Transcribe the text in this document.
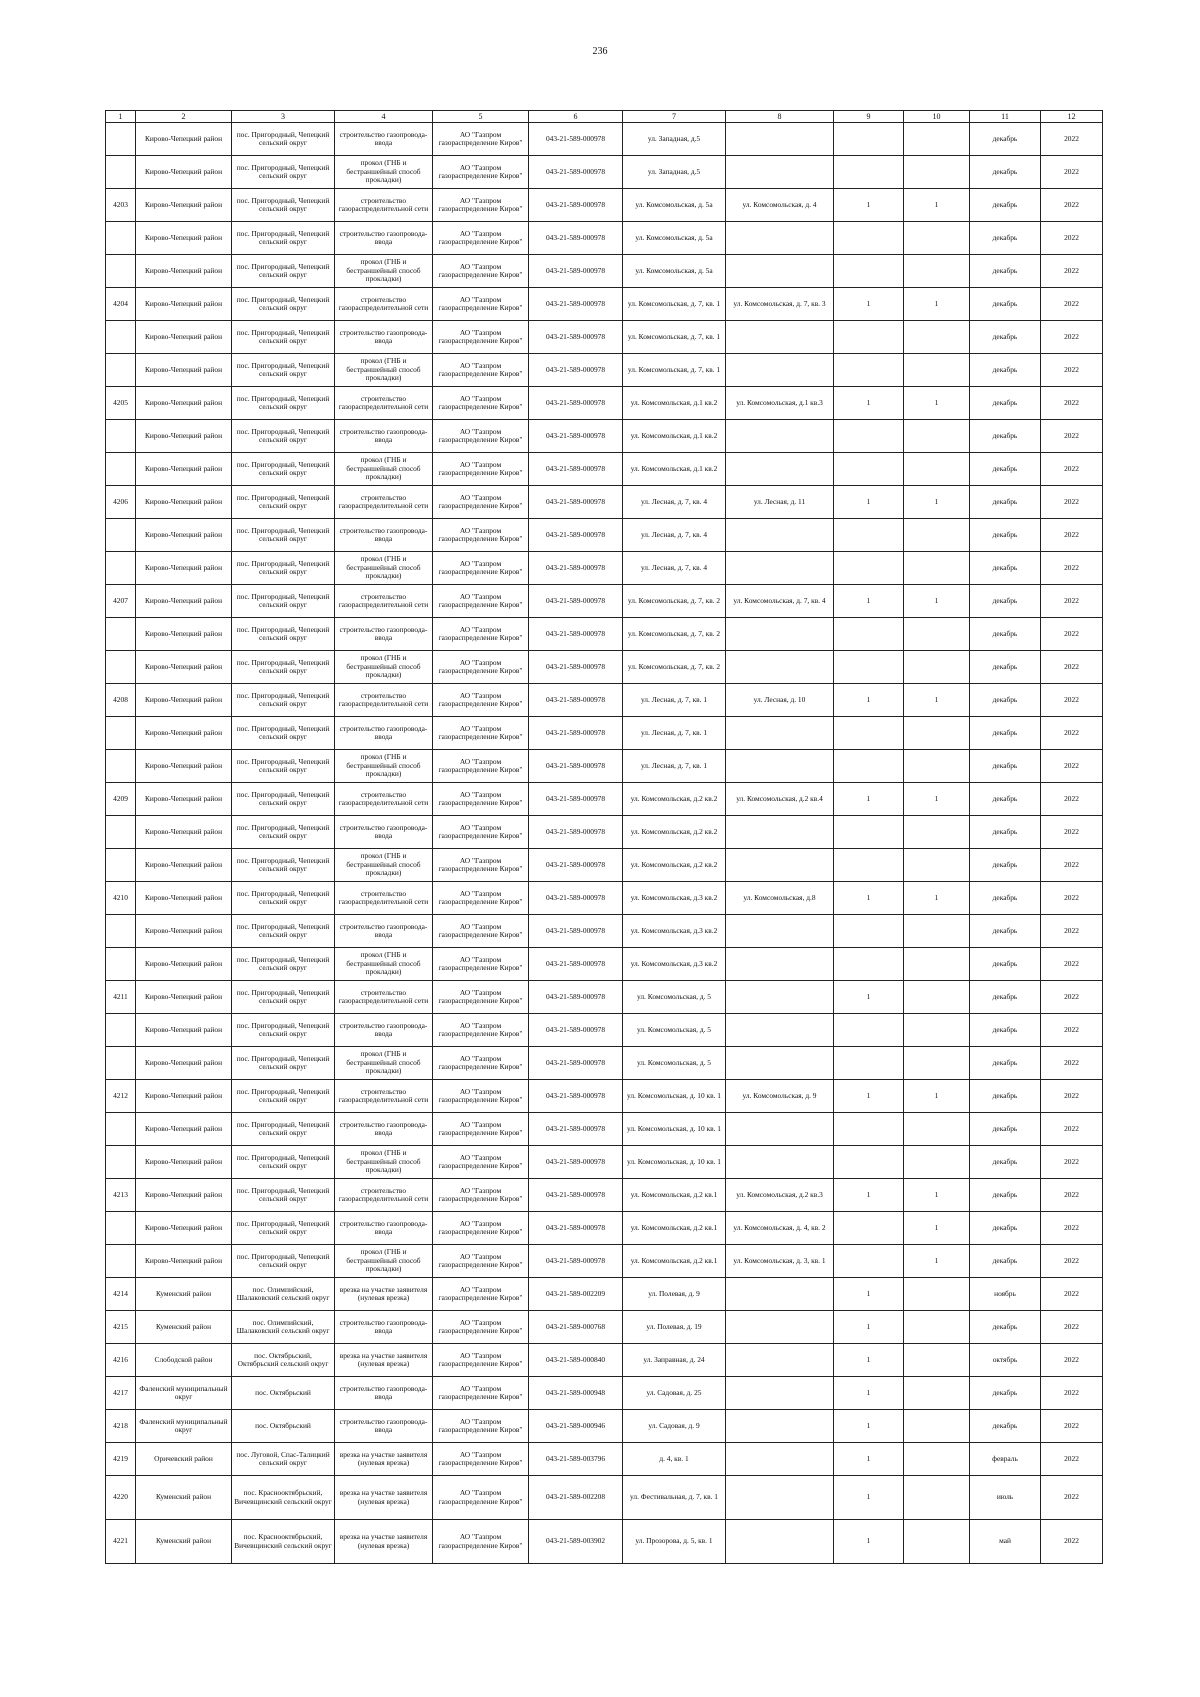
236
1	2	3	4	5	6	7	8	9	10	11	12
	Кирово-Чепецкий район	пос. Пригородный, Чепецкий сельский округ	строительство газопровода-ввода	АО "Газпром газораспределение Киров"	043-21-589-000978	ул. Западная, д.5				декабрь	2022
	Кирово-Чепецкий район	пос. Пригородный, Чепецкий сельский округ	прокол (ГНБ и бестраншейный способ прокладки)	АО "Газпром газораспределение Киров"	043-21-589-000978	ул. Западная, д.5				декабрь	2022
4203	Кирово-Чепецкий район	пос. Пригородный, Чепецкий сельский округ	строительство газораспределительной сети	АО "Газпром газораспределение Киров"	043-21-589-000978	ул. Комсомольская, д. 5а	ул. Комсомольская, д. 4	1	1	декабрь	2022
	Кирово-Чепецкий район	пос. Пригородный, Чепецкий сельский округ	строительство газопровода-ввода	АО "Газпром газораспределение Киров"	043-21-589-000978	ул. Комсомольская, д. 5а				декабрь	2022
	Кирово-Чепецкий район	пос. Пригородный, Чепецкий сельский округ	прокол (ГНБ и бестраншейный способ прокладки)	АО "Газпром газораспределение Киров"	043-21-589-000978	ул. Комсомольская, д. 5а				декабрь	2022
4204	Кирово-Чепецкий район	пос. Пригородный, Чепецкий сельский округ	строительство газораспределительной сети	АО "Газпром газораспределение Киров"	043-21-589-000978	ул. Комсомольская, д. 7, кв. 1	ул. Комсомольская, д. 7, кв. 3	1	1	декабрь	2022
	Кирово-Чепецкий район	пос. Пригородный, Чепецкий сельский округ	строительство газопровода-ввода	АО "Газпром газораспределение Киров"	043-21-589-000978	ул. Комсомольская, д. 7, кв. 1				декабрь	2022
	Кирово-Чепецкий район	пос. Пригородный, Чепецкий сельский округ	прокол (ГНБ и бестраншейный способ прокладки)	АО "Газпром газораспределение Киров"	043-21-589-000978	ул. Комсомольская, д. 7, кв. 1				декабрь	2022
4205	Кирово-Чепецкий район	пос. Пригородный, Чепецкий сельский округ	строительство газораспределительной сети	АО "Газпром газораспределение Киров"	043-21-589-000978	ул. Комсомольская, д.1 кв.2	ул. Комсомольская, д.1 кв.3	1	1	декабрь	2022
	Кирово-Чепецкий район	пос. Пригородный, Чепецкий сельский округ	строительство газопровода-ввода	АО "Газпром газораспределение Киров"	043-21-589-000978	ул. Комсомольская, д.1 кв.2				декабрь	2022
	Кирово-Чепецкий район	пос. Пригородный, Чепецкий сельский округ	прокол (ГНБ и бестраншейный способ прокладки)	АО "Газпром газораспределение Киров"	043-21-589-000978	ул. Комсомольская, д.1 кв.2				декабрь	2022
4206	Кирово-Чепецкий район	пос. Пригородный, Чепецкий сельский округ	строительство газораспределительной сети	АО "Газпром газораспределение Киров"	043-21-589-000978	ул. Лесная, д. 7, кв. 4	ул. Лесная, д. 11	1	1	декабрь	2022
	Кирово-Чепецкий район	пос. Пригородный, Чепецкий сельский округ	строительство газопровода-ввода	АО "Газпром газораспределение Киров"	043-21-589-000978	ул. Лесная, д. 7, кв. 4				декабрь	2022
	Кирово-Чепецкий район	пос. Пригородный, Чепецкий сельский округ	прокол (ГНБ и бестраншейный способ прокладки)	АО "Газпром газораспределение Киров"	043-21-589-000978	ул. Лесная, д. 7, кв. 4				декабрь	2022
4207	Кирово-Чепецкий район	пос. Пригородный, Чепецкий сельский округ	строительство газораспределительной сети	АО "Газпром газораспределение Киров"	043-21-589-000978	ул. Комсомольская, д. 7, кв. 2	ул. Комсомольская, д. 7, кв. 4	1	1	декабрь	2022
	Кирово-Чепецкий район	пос. Пригородный, Чепецкий сельский округ	строительство газопровода-ввода	АО "Газпром газораспределение Киров"	043-21-589-000978	ул. Комсомольская, д. 7, кв. 2				декабрь	2022
	Кирово-Чепецкий район	пос. Пригородный, Чепецкий сельский округ	прокол (ГНБ и бестраншейный способ прокладки)	АО "Газпром газораспределение Киров"	043-21-589-000978	ул. Комсомольская, д. 7, кв. 2				декабрь	2022
4208	Кирово-Чепецкий район	пос. Пригородный, Чепецкий сельский округ	строительство газораспределительной сети	АО "Газпром газораспределение Киров"	043-21-589-000978	ул. Лесная, д. 7, кв. 1	ул. Лесная, д. 10	1	1	декабрь	2022
	Кирово-Чепецкий район	пос. Пригородный, Чепецкий сельский округ	строительство газопровода-ввода	АО "Газпром газораспределение Киров"	043-21-589-000978	ул. Лесная, д. 7, кв. 1				декабрь	2022
	Кирово-Чепецкий район	пос. Пригородный, Чепецкий сельский округ	прокол (ГНБ и бестраншейный способ прокладки)	АО "Газпром газораспределение Киров"	043-21-589-000978	ул. Лесная, д. 7, кв. 1				декабрь	2022
4209	Кирово-Чепецкий район	пос. Пригородный, Чепецкий сельский округ	строительство газораспределительной сети	АО "Газпром газораспределение Киров"	043-21-589-000978	ул. Комсомольская, д.2 кв.2	ул. Комсомольская, д.2 кв.4	1	1	декабрь	2022
	Кирово-Чепецкий район	пос. Пригородный, Чепецкий сельский округ	строительство газопровода-ввода	АО "Газпром газораспределение Киров"	043-21-589-000978	ул. Комсомольская, д.2 кв.2				декабрь	2022
	Кирово-Чепецкий район	пос. Пригородный, Чепецкий сельский округ	прокол (ГНБ и бестраншейный способ прокладки)	АО "Газпром газораспределение Киров"	043-21-589-000978	ул. Комсомольская, д.2 кв.2				декабрь	2022
4210	Кирово-Чепецкий район	пос. Пригородный, Чепецкий сельский округ	строительство газораспределительной сети	АО "Газпром газораспределение Киров"	043-21-589-000978	ул. Комсомольская, д.3 кв.2	ул. Комсомольская, д.8	1	1	декабрь	2022
	Кирово-Чепецкий район	пос. Пригородный, Чепецкий сельский округ	строительство газопровода-ввода	АО "Газпром газораспределение Киров"	043-21-589-000978	ул. Комсомольская, д.3 кв.2				декабрь	2022
	Кирово-Чепецкий район	пос. Пригородный, Чепецкий сельский округ	прокол (ГНБ и бестраншейный способ прокладки)	АО "Газпром газораспределение Киров"	043-21-589-000978	ул. Комсомольская, д.3 кв.2				декабрь	2022
4211	Кирово-Чепецкий район	пос. Пригородный, Чепецкий сельский округ	строительство газораспределительной сети	АО "Газпром газораспределение Киров"	043-21-589-000978	ул. Комсомольская, д. 5		1		декабрь	2022
	Кирово-Чепецкий район	пос. Пригородный, Чепецкий сельский округ	строительство газопровода-ввода	АО "Газпром газораспределение Киров"	043-21-589-000978	ул. Комсомольская, д. 5				декабрь	2022
	Кирово-Чепецкий район	пос. Пригородный, Чепецкий сельский округ	прокол (ГНБ и бестраншейный способ прокладки)	АО "Газпром газораспределение Киров"	043-21-589-000978	ул. Комсомольская, д. 5				декабрь	2022
4212	Кирово-Чепецкий район	пос. Пригородный, Чепецкий сельский округ	строительство газораспределительной сети	АО "Газпром газораспределение Киров"	043-21-589-000978	ул. Комсомольская, д. 10 кв. 1	ул. Комсомольская, д. 9	1	1	декабрь	2022
	Кирово-Чепецкий район	пос. Пригородный, Чепецкий сельский округ	строительство газопровода-ввода	АО "Газпром газораспределение Киров"	043-21-589-000978	ул. Комсомольская, д. 10 кв. 1				декабрь	2022
	Кирово-Чепецкий район	пос. Пригородный, Чепецкий сельский округ	прокол (ГНБ и бестраншейный способ прокладки)	АО "Газпром газораспределение Киров"	043-21-589-000978	ул. Комсомольская, д. 10 кв. 1				декабрь	2022
4213	Кирово-Чепецкий район	пос. Пригородный, Чепецкий сельский округ	строительство газораспределительной сети	АО "Газпром газораспределение Киров"	043-21-589-000978	ул. Комсомольская, д.2 кв.1	ул. Комсомольская, д.2 кв.3	1	1	декабрь	2022
	Кирово-Чепецкий район	пос. Пригородный, Чепецкий сельский округ	строительство газопровода-ввода	АО "Газпром газораспределение Киров"	043-21-589-000978	ул. Комсомольская, д.2 кв.1	ул. Комсомольская, д. 4, кв. 2		1	декабрь	2022
	Кирово-Чепецкий район	пос. Пригородный, Чепецкий сельский округ	прокол (ГНБ и бестраншейный способ прокладки)	АО "Газпром газораспределение Киров"	043-21-589-000978	ул. Комсомольская, д.2 кв.1	ул. Комсомольская, д. 3, кв. 1		1	декабрь	2022
4214	Куменский район	пос. Олимпийский, Шалаковский сельский округ	врезка на участке заявителя (нулевая врезка)	АО "Газпром газораспределение Киров"	043-21-589-002209	ул. Полевая, д. 9		1		ноябрь	2022
4215	Куменский район	пос. Олимпийский, Шалаковский сельский округ	строительство газопровода-ввода	АО "Газпром газораспределение Киров"	043-21-589-000768	ул. Полевая, д. 19		1		декабрь	2022
4216	Слободской район	пос. Октябрьский, Октябрьский сельский округ	врезка на участке заявителя (нулевая врезка)	АО "Газпром газораспределение Киров"	043-21-589-000840	ул. Заправная, д. 24		1		октябрь	2022
4217	Фаленский муниципальный округ	пос. Октябрьский	строительство газопровода-ввода	АО "Газпром газораспределение Киров"	043-21-589-000948	ул. Садовая, д. 25		1		декабрь	2022
4218	Фаленский муниципальный округ	пос. Октябрьский	строительство газопровода-ввода	АО "Газпром газораспределение Киров"	043-21-589-000946	ул. Садовая, д. 9		1		декабрь	2022
4219	Оричевский район	пос. Луговой, Спас-Талицкий сельский округ	врезка на участке заявителя (нулевая врезка)	АО "Газпром газораспределение Киров"	043-21-589-003796	д. 4, кв. 1		1		февраль	2022
4220	Куменский район	пос. Краснооктябрьский, Вичевщинский сельский округ	врезка на участке заявителя (нулевая врезка)	АО "Газпром газораспределение Киров"	043-21-589-002208	ул. Фестивальная, д. 7, кв. 1		1		июль	2022
4221	Куменский район	пос. Краснооктябрьский, Вичевщинский сельский округ	врезка на участке заявителя (нулевая врезка)	АО "Газпром газораспределение Киров"	043-21-589-003902	ул. Прозорова, д. 5, кв. 1		1		май	2022
